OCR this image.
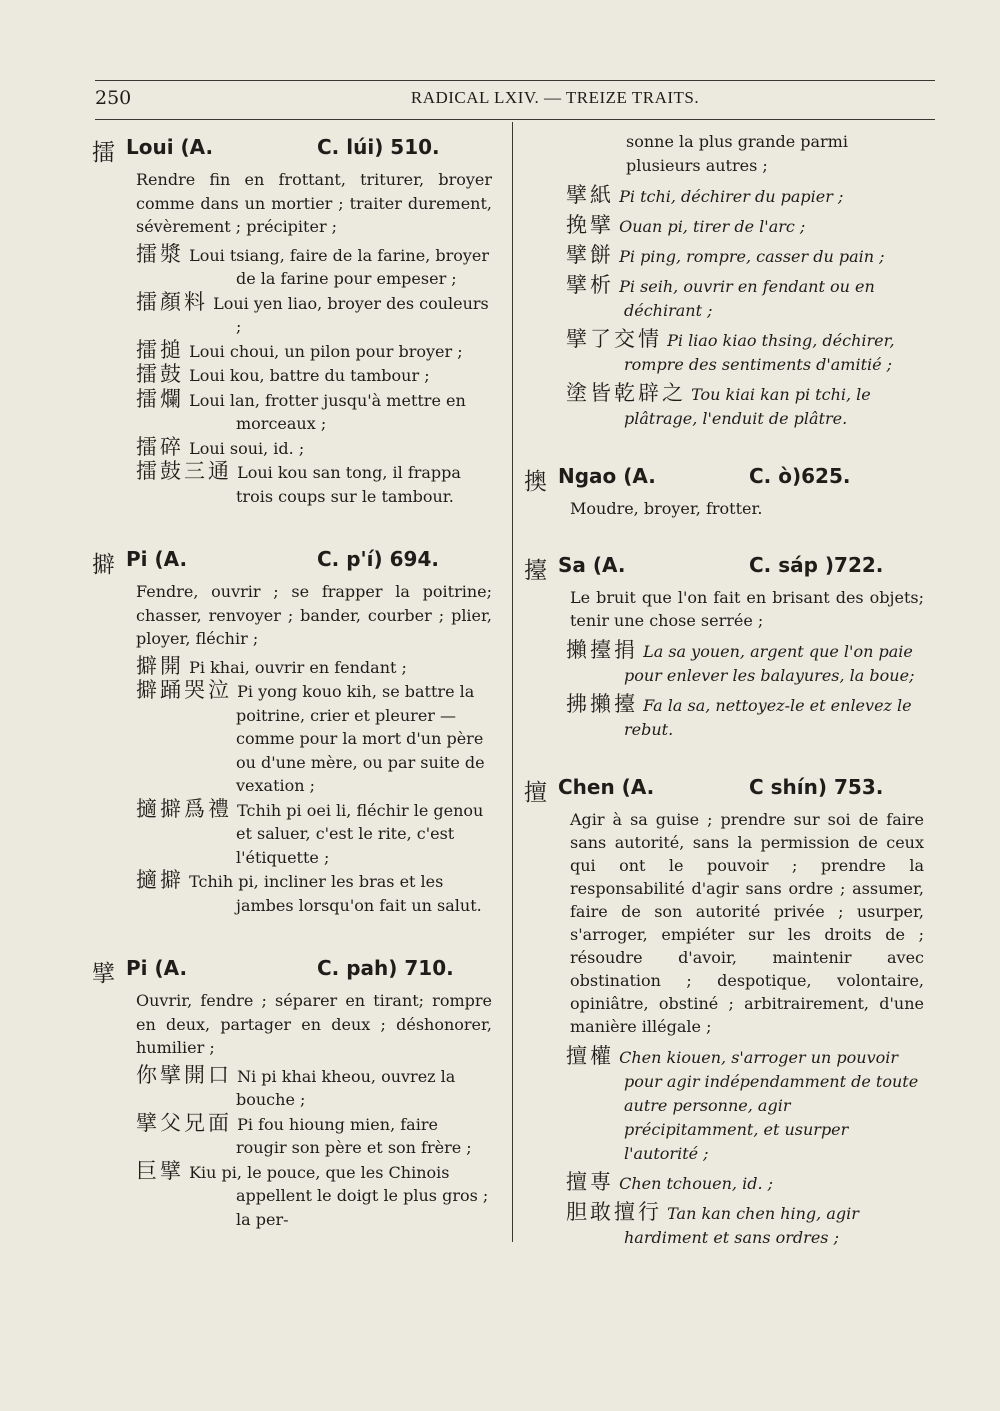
250	RADICAL LXIV. — TREIZE TRAITS.
擂 Loui (A.	C. lúi) 510.
Rendre fin en frottant, triturer, broyer comme dans un mortier ; traiter durement, sévèrement ; précipiter ;
擂漿 Loui tsiang, faire de la farine, broyer de la farine pour empeser ;
擂顏料 Loui yen liao, broyer des couleurs ;
擂搥 Loui choui, un pilon pour broyer ;
擂鼓 Loui kou, battre du tambour ;
擂爛 Loui lan, frotter jusqu'à mettre en morceaux ;
擂碎 Loui soui, id. ;
擂鼓三通 Loui kou san tong, il frappa trois coups sur le tambour.
擗 Pi (A.	C. p'í) 694.
Fendre, ouvrir ; se frapper la poitrine; chasser, renvoyer ; bander, courber ; plier, ployer, fléchir ;
擗開 Pi khai, ouvrir en fendant ;
擗踊哭泣 Pi yong kouo kih, se battre la poitrine, crier et pleurer — comme pour la mort d'un père ou d'une mère, ou par suite de vexation ;
擿擗爲禮 Tchih pi oei li, fléchir le genou et saluer, c'est le rite, c'est l'étiquette ;
擿擗 Tchih pi, incliner les bras et les jambes lorsqu'on fait un salut.
擘 Pi (A.	C. pah) 710.
Ouvrir, fendre ; séparer en tirant; rompre en deux, partager en deux ; déshonorer, humilier ;
你擘開口 Ni pi khai kheou, ouvrez la bouche ;
擘父兄面 Pi fou hioung mien, faire rougir son père et son frère ;
巨擘 Kiu pi, le pouce, que les Chinois appellent le doigt le plus gros ; la per-
sonne la plus grande parmi plusieurs autres ;
擘紙 Pi tchi, déchirer du papier ;
挽擘 Ouan pi, tirer de l'arc ;
擘餅 Pi ping, rompre, casser du pain ;
擘析 Pi seih, ouvrir en fendant ou en déchirant ;
擘了交情 Pi liao kiao thsing, déchirer, rompre des sentiments d'amitié ;
塗皆乾辟之 Tou kiai kan pi tchi, le plâtrage, l'enduit de plâtre.
擙 Ngao (A.	C. ò)625.
Moudre, broyer, frotter.
擡 Sa (A.	C. sáp )722.
Le bruit que l'on fait en brisant des objets; tenir une chose serrée ;
攋擡捐 La sa youen, argent que l'on paie pour enlever les balayures, la boue;
拂攋擡 Fa la sa, nettoyez-le et enlevez le rebut.
擅 Chen (A.	C shín) 753.
Agir à sa guise ; prendre sur soi de faire sans autorité, sans la permission de ceux qui ont le pouvoir ; prendre la responsabilité d'agir sans ordre ; assumer, faire de son autorité privée ; usurper, s'arroger, empiéter sur les droits de ; résoudre d'avoir, maintenir avec obstination ; despotique, volontaire, opiniâtre, obstiné ; arbitrairement, d'une manière illégale ;
擅權 Chen kiouen, s'arroger un pouvoir pour agir indépendamment de toute autre personne, agir précipitamment, et usurper l'autorité ;
擅専 Chen tchouen, id. ;
胆敢擅行 Tan kan chen hing, agir hardiment et sans ordres ;
